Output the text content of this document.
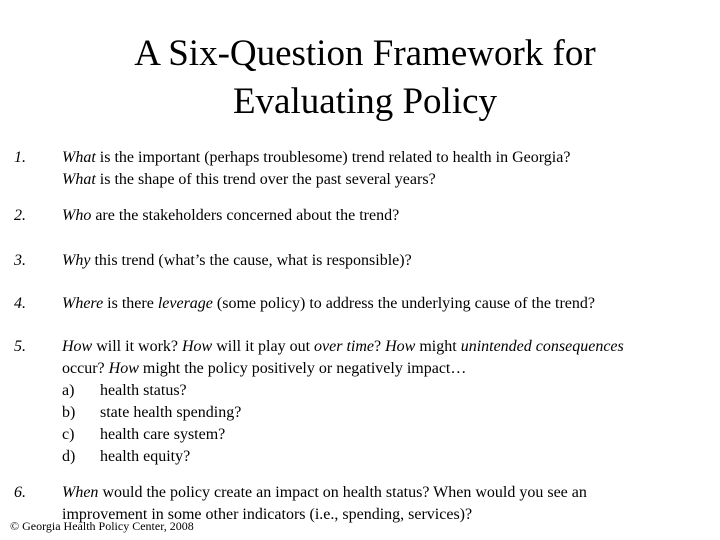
A Six-Question Framework for Evaluating Policy
1. What is the important (perhaps troublesome) trend related to health in Georgia?
What is the shape of this trend over the past several years?
2. Who are the stakeholders concerned about the trend?
3. Why this trend (what’s the cause, what is responsible)?
4. Where is there leverage (some policy) to address the underlying cause of the trend?
5. How will it work? How will it play out over time? How might unintended consequences
occur? How might the policy positively or negatively impact…
a) health status?
b) state health spending?
c) health care system?
d) health equity?
6. When would the policy create an impact on health status? When would you see an
improvement in some other indicators (i.e., spending, services)?
© Georgia Health Policy Center, 2008
